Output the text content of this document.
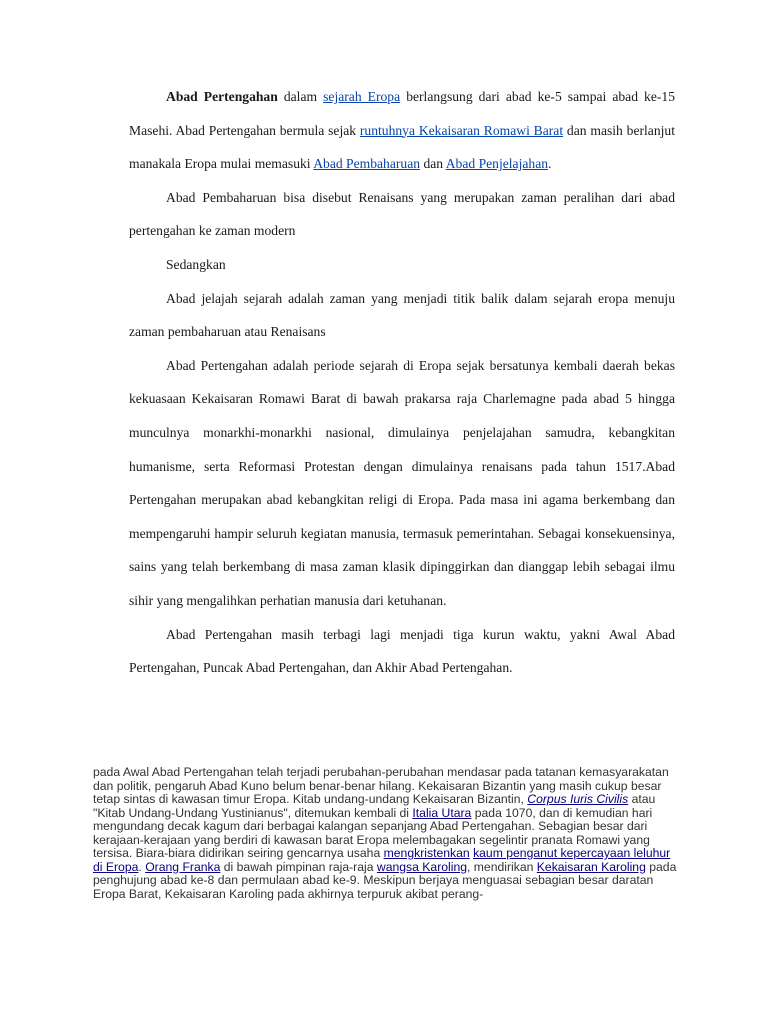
Abad Pertengahan dalam sejarah Eropa berlangsung dari abad ke-5 sampai abad ke-15 Masehi. Abad Pertengahan bermula sejak runtuhnya Kekaisaran Romawi Barat dan masih berlanjut manakala Eropa mulai memasuki Abad Pembaharuan dan Abad Penjelajahan.

Abad Pembaharuan bisa disebut Renaisans yang merupakan zaman peralihan dari abad pertengahan ke zaman modern

Sedangkan

Abad jelajah sejarah adalah zaman yang menjadi titik balik dalam sejarah eropa menuju zaman pembaharuan atau Renaisans

Abad Pertengahan adalah periode sejarah di Eropa sejak bersatunya kembali daerah bekas kekuasaan Kekaisaran Romawi Barat di bawah prakarsa raja Charlemagne pada abad 5 hingga munculnya monarkhi-monarkhi nasional, dimulainya penjelajahan samudra, kebangkitan humanisme, serta Reformasi Protestan dengan dimulainya renaisans pada tahun 1517.Abad Pertengahan merupakan abad kebangkitan religi di Eropa. Pada masa ini agama berkembang dan mempengaruhi hampir seluruh kegiatan manusia, termasuk pemerintahan. Sebagai konsekuensinya, sains yang telah berkembang di masa zaman klasik dipinggirkan dan dianggap lebih sebagai ilmu sihir yang mengalihkan perhatian manusia dari ketuhanan.

Abad Pertengahan masih terbagi lagi menjadi tiga kurun waktu, yakni Awal Abad Pertengahan, Puncak Abad Pertengahan, dan Akhir Abad Pertengahan.

pada Awal Abad Pertengahan telah terjadi perubahan-perubahan mendasar pada tatanan kemasyarakatan dan politik, pengaruh Abad Kuno belum benar-benar hilang. Kekaisaran Bizantin yang masih cukup besar tetap sintas di kawasan timur Eropa. Kitab undang-undang Kekaisaran Bizantin, Corpus Iuris Civilis atau "Kitab Undang-Undang Yustinianus", ditemukan kembali di Italia Utara pada 1070, dan di kemudian hari mengundang decak kagum dari berbagai kalangan sepanjang Abad Pertengahan. Sebagian besar dari kerajaan-kerajaan yang berdiri di kawasan barat Eropa melembagakan segelintir pranata Romawi yang tersisa. Biara-biara didirikan seiring gencarnya usaha mengkristenkan kaum penganut kepercayaan leluhur di Eropa. Orang Franka di bawah pimpinan raja-raja wangsa Karoling, mendirikan Kekaisaran Karoling pada penghujung abad ke-8 dan permulaan abad ke-9. Meskipun berjaya menguasai sebagian besar daratan Eropa Barat, Kekaisaran Karoling pada akhirnya terpuruk akibat perang-
